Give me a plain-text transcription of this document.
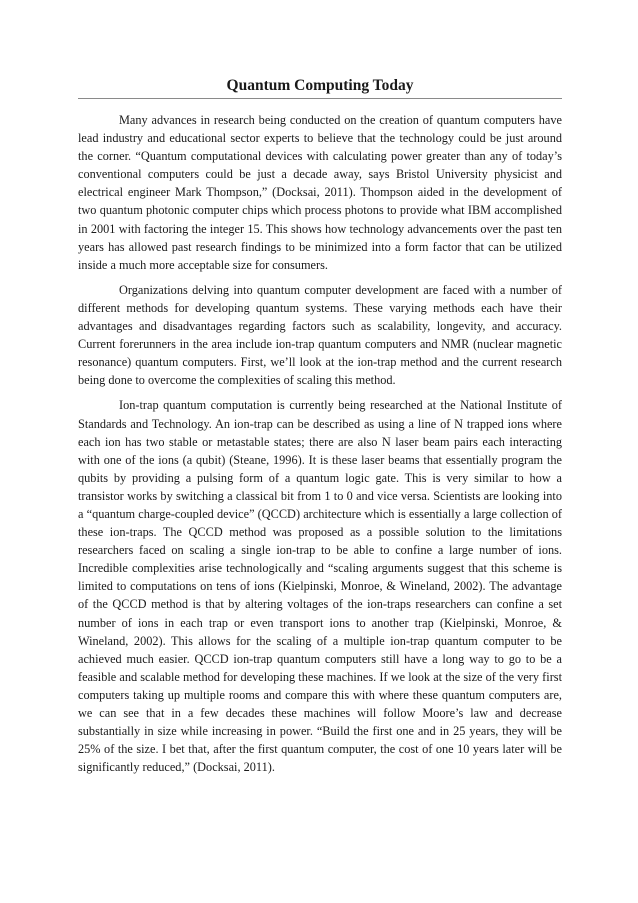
Quantum Computing Today

Many advances in research being conducted on the creation of quantum computers have lead industry and educational sector experts to believe that the technology could be just around the corner. “Quantum computational devices with calculating power greater than any of today’s conventional computers could be just a decade away, says Bristol University physicist and electrical engineer Mark Thompson,” (Docksai, 2011). Thompson aided in the development of two quantum photonic computer chips which process photons to provide what IBM accomplished in 2001 with factoring the integer 15. This shows how technology advancements over the past ten years has allowed past research findings to be minimized into a form factor that can be utilized inside a much more acceptable size for consumers.

Organizations delving into quantum computer development are faced with a number of different methods for developing quantum systems. These varying methods each have their advantages and disadvantages regarding factors such as scalability, longevity, and accuracy. Current forerunners in the area include ion-trap quantum computers and NMR (nuclear magnetic resonance) quantum computers. First, we’ll look at the ion-trap method and the current research being done to overcome the complexities of scaling this method.

Ion-trap quantum computation is currently being researched at the National Institute of Standards and Technology. An ion-trap can be described as using a line of N trapped ions where each ion has two stable or metastable states; there are also N laser beam pairs each interacting with one of the ions (a qubit) (Steane, 1996). It is these laser beams that essentially program the qubits by providing a pulsing form of a quantum logic gate. This is very similar to how a transistor works by switching a classical bit from 1 to 0 and vice versa. Scientists are looking into a “quantum charge-coupled device” (QCCD) architecture which is essentially a large collection of these ion-traps. The QCCD method was proposed as a possible solution to the limitations researchers faced on scaling a single ion-trap to be able to confine a large number of ions. Incredible complexities arise technologically and “scaling arguments suggest that this scheme is limited to computations on tens of ions (Kielpinski, Monroe, & Wineland, 2002). The advantage of the QCCD method is that by altering voltages of the ion-traps researchers can confine a set number of ions in each trap or even transport ions to another trap (Kielpinski, Monroe, & Wineland, 2002). This allows for the scaling of a multiple ion-trap quantum computer to be achieved much easier. QCCD ion-trap quantum computers still have a long way to go to be a feasible and scalable method for developing these machines. If we look at the size of the very first computers taking up multiple rooms and compare this with where these quantum computers are, we can see that in a few decades these machines will follow Moore’s law and decrease substantially in size while increasing in power. “Build the first one and in 25 years, they will be 25% of the size. I bet that, after the first quantum computer, the cost of one 10 years later will be significantly reduced,” (Docksai, 2011).
